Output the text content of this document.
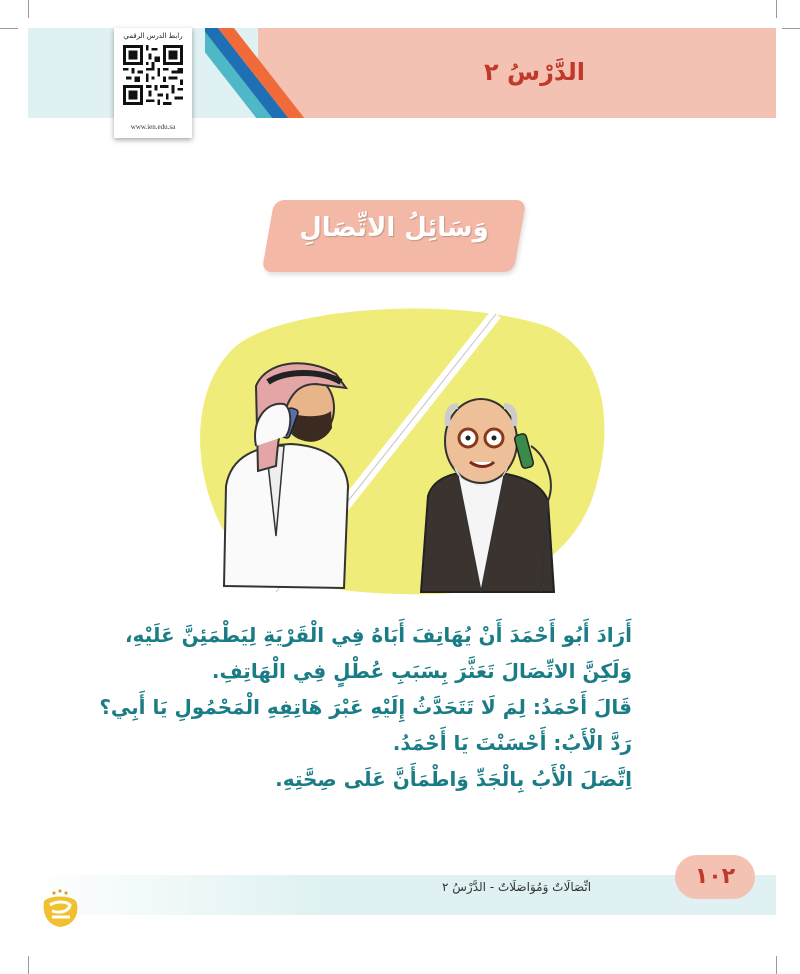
الدَّرْسُ ٢
رابط الدرس الرقمي
www.ien.edu.sa
وَسَائِلُ الاتِّصَالِ
أَرَادَ أَبُو أَحْمَدَ أَنْ يُهَاتِفَ أَبَاهُ فِي الْقَرْيَةِ لِيَطْمَئِنَّ عَلَيْهِ،
وَلَكِنَّ الاتِّصَالَ تَعَثَّرَ بِسَبَبِ عُطْلٍ فِي الْهَاتِفِ.
قَالَ أَحْمَدُ: لِمَ لَا تَتَحَدَّثُ إِلَيْهِ عَبْرَ هَاتِفِهِ الْمَحْمُولِ يَا أَبِي؟
رَدَّ الْأَبُ: أَحْسَنْتَ يَا أَحْمَدُ.
اِتَّصَلَ الْأَبُ بِالْجَدِّ وَاطْمَأَنَّ عَلَى صِحَّتِهِ.
اتِّصَالَاتٌ وَمُوَاصَلَاتٌ - الدَّرْسُ ٢	١٠٢
